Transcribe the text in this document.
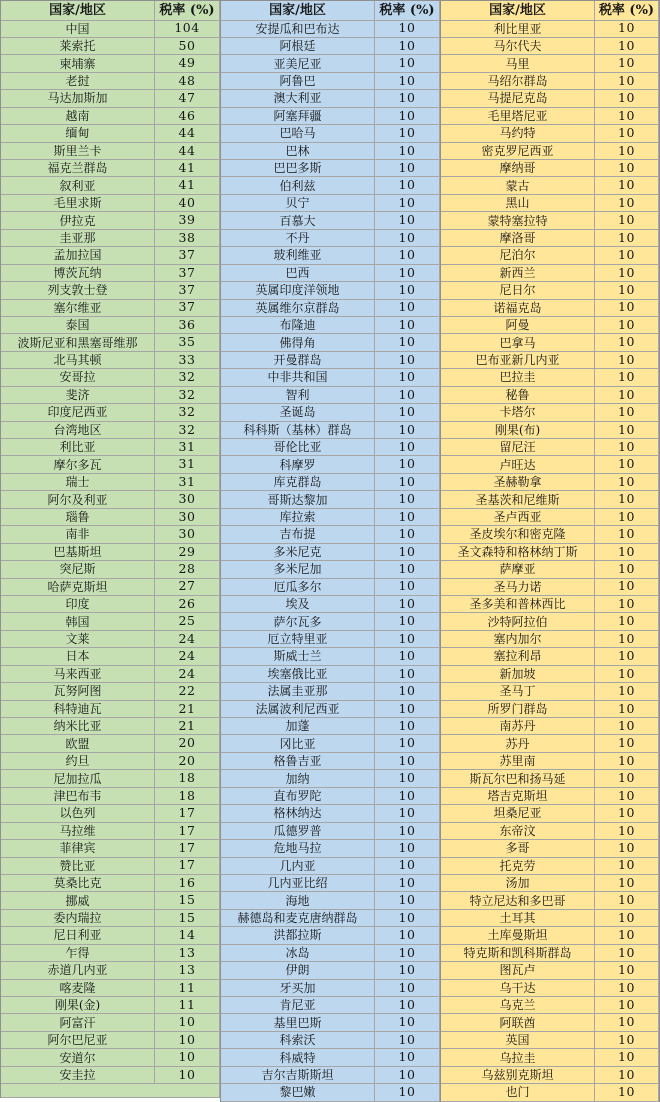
国家/地区	税率 (%)
中国	104
莱索托	50
柬埔寨	49
老挝	48
马达加斯加	47
越南	46
缅甸	44
斯里兰卡	44
福克兰群岛	41
叙利亚	41
毛里求斯	40
伊拉克	39
圭亚那	38
孟加拉国	37
博茨瓦纳	37
列支敦士登	37
塞尔维亚	37
泰国	36
波斯尼亚和黑塞哥维那	35
北马其顿	33
安哥拉	32
斐济	32
印度尼西亚	32
台湾地区	32
利比亚	31
摩尔多瓦	31
瑞士	31
阿尔及利亚	30
瑙鲁	30
南非	30
巴基斯坦	29
突尼斯	28
哈萨克斯坦	27
印度	26
韩国	25
文莱	24
日本	24
马来西亚	24
瓦努阿图	22
科特迪瓦	21
纳米比亚	21
欧盟	20
约旦	20
尼加拉瓜	18
津巴布韦	18
以色列	17
马拉维	17
菲律宾	17
赞比亚	17
莫桑比克	16
挪威	15
委内瑞拉	15
尼日利亚	14
乍得	13
赤道几内亚	13
喀麦隆	11
刚果(金)	11
阿富汗	10
阿尔巴尼亚	10
安道尔	10
安圭拉	10
国家/地区	税率 (%)
安提瓜和巴布达	10
阿根廷	10
亚美尼亚	10
阿鲁巴	10
澳大利亚	10
阿塞拜疆	10
巴哈马	10
巴林	10
巴巴多斯	10
伯利兹	10
贝宁	10
百慕大	10
不丹	10
玻利维亚	10
巴西	10
英属印度洋领地	10
英属维尔京群岛	10
布隆迪	10
佛得角	10
开曼群岛	10
中非共和国	10
智利	10
圣诞岛	10
科科斯（基林）群岛	10
哥伦比亚	10
科摩罗	10
库克群岛	10
哥斯达黎加	10
库拉索	10
吉布提	10
多米尼克	10
多米尼加	10
厄瓜多尔	10
埃及	10
萨尔瓦多	10
厄立特里亚	10
斯威士兰	10
埃塞俄比亚	10
法属圭亚那	10
法属波利尼西亚	10
加蓬	10
冈比亚	10
格鲁吉亚	10
加纳	10
直布罗陀	10
格林纳达	10
瓜德罗普	10
危地马拉	10
几内亚	10
几内亚比绍	10
海地	10
赫德岛和麦克唐纳群岛	10
洪都拉斯	10
冰岛	10
伊朗	10
牙买加	10
肯尼亚	10
基里巴斯	10
科索沃	10
科威特	10
吉尔吉斯斯坦	10
黎巴嫩	10
国家/地区	税率 (%)
利比里亚	10
马尔代夫	10
马里	10
马绍尔群岛	10
马提尼克岛	10
毛里塔尼亚	10
马约特	10
密克罗尼西亚	10
摩纳哥	10
蒙古	10
黑山	10
蒙特塞拉特	10
摩洛哥	10
尼泊尔	10
新西兰	10
尼日尔	10
诺福克岛	10
阿曼	10
巴拿马	10
巴布亚新几内亚	10
巴拉圭	10
秘鲁	10
卡塔尔	10
刚果(布)	10
留尼汪	10
卢旺达	10
圣赫勒拿	10
圣基茨和尼维斯	10
圣卢西亚	10
圣皮埃尔和密克隆	10
圣文森特和格林纳丁斯	10
萨摩亚	10
圣马力诺	10
圣多美和普林西比	10
沙特阿拉伯	10
塞内加尔	10
塞拉利昂	10
新加坡	10
圣马丁	10
所罗门群岛	10
南苏丹	10
苏丹	10
苏里南	10
斯瓦尔巴和扬马延	10
塔吉克斯坦	10
坦桑尼亚	10
东帝汶	10
多哥	10
托克劳	10
汤加	10
特立尼达和多巴哥	10
土耳其	10
土库曼斯坦	10
特克斯和凯科斯群岛	10
图瓦卢	10
乌干达	10
乌克兰	10
阿联酋	10
英国	10
乌拉圭	10
乌兹别克斯坦	10
也门	10
